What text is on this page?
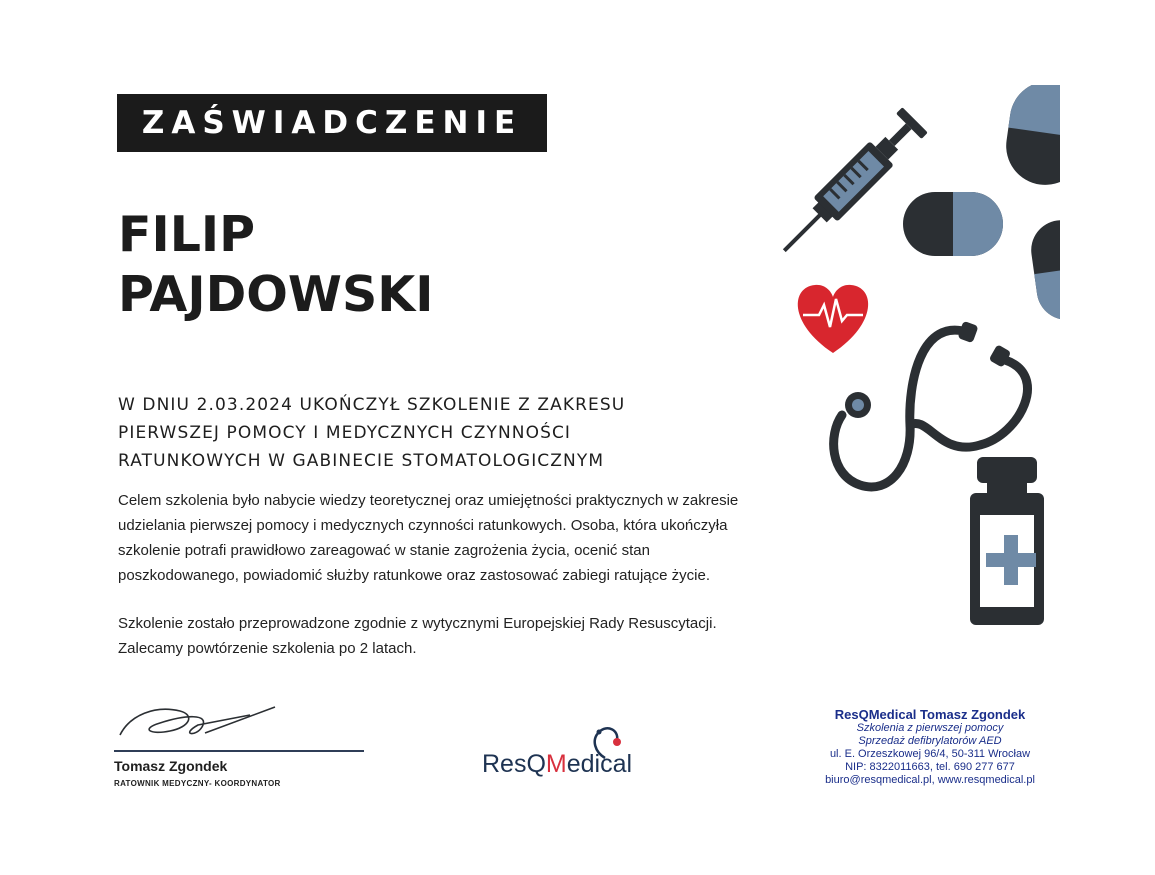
ZAŚWIADCZENIE
FILIP
PAJDOWSKI
W DNIU 2.03.2024 UKOŃCZYŁ SZKOLENIE Z ZAKRESU
PIERWSZEJ POMOCY I MEDYCZNYCH CZYNNOŚCI
RATUNKOWYCH W GABINECIE STOMATOLOGICZNYM
Celem szkolenia było nabycie wiedzy teoretycznej oraz umiejętności praktycznych w zakresie
udzielania pierwszej pomocy i medycznych czynności ratunkowych. Osoba, która ukończyła
szkolenie potrafi prawidłowo zareagować w stanie zagrożenia życia, ocenić stan
poszkodowanego, powiadomić służby ratunkowe oraz zastosować zabiegi ratujące życie.
Szkolenie zostało przeprowadzone zgodnie z wytycznymi Europejskiej Rady Resuscytacji.
Zalecamy powtórzenie szkolenia po 2 latach.
Tomasz Zgondek
RATOWNIK MEDYCZNY- KOORDYNATOR
ResQMedical
ResQMedical Tomasz Zgondek
Szkolenia z pierwszej pomocy
Sprzedaż defibrylatorów AED
ul. E. Orzeszkowej 96/4, 50-311 Wrocław
NIP: 8322011663, tel. 690 277 677
biuro@resqmedical.pl, www.resqmedical.pl
